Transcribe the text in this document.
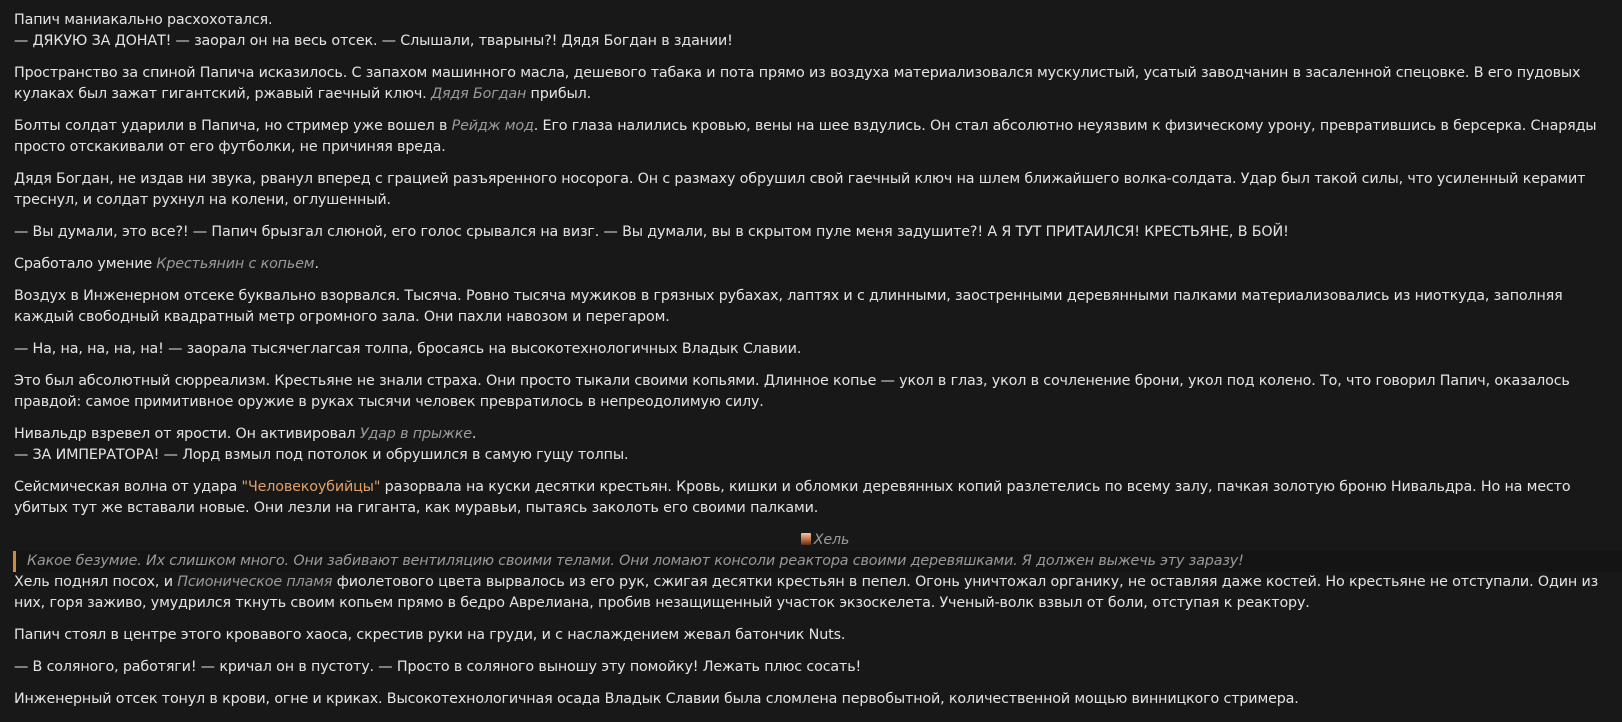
Папич маниакально расхохотался.

— ДЯКУЮ ЗА ДОНАТ! — заорал он на весь отсек. — Слышали, тварыны?! Дядя Богдан в здании!

Пространство за спиной Папича исказилось. С запахом машинного масла, дешевого табака и пота прямо из воздуха материализовался мускулистый, усатый заводчанин в засаленной спецовке. В его пудовых кулаках был зажат гигантский, ржавый гаечный ключ. Дядя Богдан прибыл.

Болты солдат ударили в Папича, но стример уже вошел в Рейдж мод. Его глаза налились кровью, вены на шее вздулись. Он стал абсолютно неуязвим к физическому урону, превратившись в берсерка. Снаряды просто отскакивали от его футболки, не причиняя вреда.

Дядя Богдан, не издав ни звука, рванул вперед с грацией разъяренного носорога. Он с размаху обрушил свой гаечный ключ на шлем ближайшего волка-солдата. Удар был такой силы, что усиленный керамит треснул, и солдат рухнул на колени, оглушенный.

— Вы думали, это все?! — Папич брызгал слюной, его голос срывался на визг. — Вы думали, вы в скрытом пуле меня задушите?! А Я ТУТ ПРИТАИЛСЯ! КРЕСТЬЯНЕ, В БОЙ!

Сработало умение Крестьянин с копьем.

Воздух в Инженерном отсеке буквально взорвался. Тысяча. Ровно тысяча мужиков в грязных рубахах, лаптях и с длинными, заостренными деревянными палками материализовались из ниоткуда, заполняя каждый свободный квадратный метр огромного зала. Они пахли навозом и перегаром.

— На, на, на, на, на! — заорала тысячеглагсая толпа, бросаясь на высокотехнологичных Владык Славии.

Это был абсолютный сюрреализм. Крестьяне не знали страха. Они просто тыкали своими копьями. Длинное копье — укол в глаз, укол в сочленение брони, укол под колено. То, что говорил Папич, оказалось правдой: самое примитивное оружие в руках тысячи человек превратилось в непреодолимую силу.

Нивальдр взревел от ярости. Он активировал Удар в прыжке.

— ЗА ИМПЕРАТОРА! — Лорд взмыл под потолок и обрушился в самую гущу толпы.

Сейсмическая волна от удара "Человекоубийцы" разорвала на куски десятки крестьян. Кровь, кишки и обломки деревянных копий разлетелись по всему залу, пачкая золотую броню Нивальдра. Но на место убитых тут же вставали новые. Они лезли на гиганта, как муравьи, пытаясь заколоть его своими палками.

Хель
Какое безумие. Их слишком много. Они забивают вентиляцию своими телами. Они ломают консоли реактора своими деревяшками. Я должен выжечь эту заразу!

Хель поднял посох, и Псионическое пламя фиолетового цвета вырвалось из его рук, сжигая десятки крестьян в пепел. Огонь уничтожал органику, не оставляя даже костей. Но крестьяне не отступали. Один из них, горя заживо, умудрился ткнуть своим копьем прямо в бедро Аврелиана, пробив незащищенный участок экзоскелета. Ученый-волк взвыл от боли, отступая к реактору.

Папич стоял в центре этого кровавого хаоса, скрестив руки на груди, и с наслаждением жевал батончик Nuts.

— В соляного, работяги! — кричал он в пустоту. — Просто в соляного выношу эту помойку! Лежать плюс сосать!

Инженерный отсек тонул в крови, огне и криках. Высокотехнологичная осада Владык Славии была сломлена первобытной, количественной мощью винницкого стримера.
